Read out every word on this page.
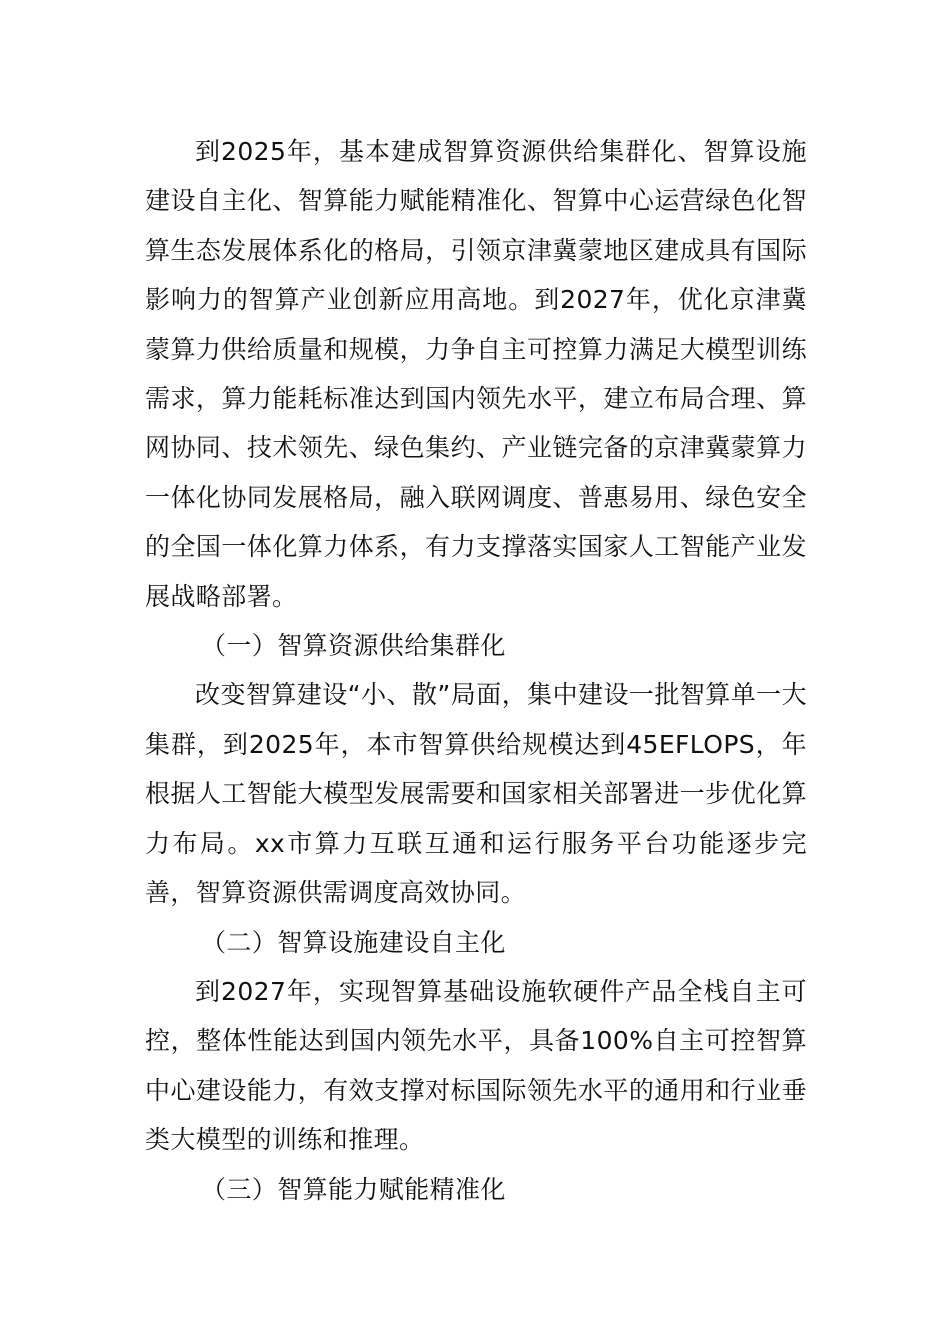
到2025年，基本建成智算资源供给集群化、智算设施建设自主化、智算能力赋能精准化、智算中心运营绿色化智算生态发展体系化的格局，引领京津冀蒙地区建成具有国际影响力的智算产业创新应用高地。到2027年，优化京津冀蒙算力供给质量和规模，力争自主可控算力满足大模型训练需求，算力能耗标准达到国内领先水平，建立布局合理、算网协同、技术领先、绿色集约、产业链完备的京津冀蒙算力一体化协同发展格局，融入联网调度、普惠易用、绿色安全的全国一体化算力体系，有力支撑落实国家人工智能产业发展战略部署。

（一）智算资源供给集群化

改变智算建设“小、散”局面，集中建设一批智算单一大集群，到2025年，本市智算供给规模达到45EFLOPS，年根据人工智能大模型发展需要和国家相关部署进一步优化算力布局。xx市算力互联互通和运行服务平台功能逐步完善，智算资源供需调度高效协同。

（二）智算设施建设自主化

到2027年，实现智算基础设施软硬件产品全栈自主可控，整体性能达到国内领先水平，具备100%自主可控智算中心建设能力，有效支撑对标国际领先水平的通用和行业垂类大模型的训练和推理。

（三）智算能力赋能精准化
